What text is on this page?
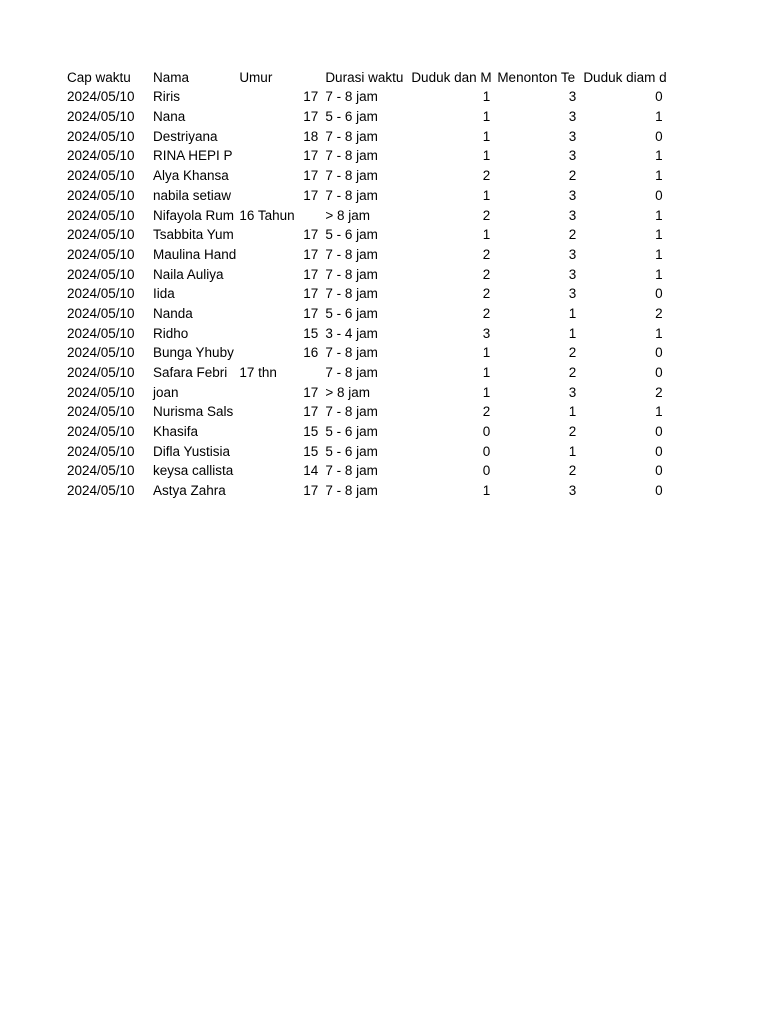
Cap waktu	Nama	Umur	Durasi waktu	Duduk dan M	Menonton Te	Duduk diam d
2024/05/10	Riris	17	7 - 8 jam	1	3	0
2024/05/10	Nana	17	5 - 6 jam	1	3	1
2024/05/10	Destriyana	18	7 - 8 jam	1	3	0
2024/05/10	RINA HEPI P	17	7 - 8 jam	1	3	1
2024/05/10	Alya Khansa	17	7 - 8 jam	2	2	1
2024/05/10	nabila setiaw	17	7 - 8 jam	1	3	0
2024/05/10	Nifayola Rum	16 Tahun	> 8 jam	2	3	1
2024/05/10	Tsabbita Yum	17	5 - 6 jam	1	2	1
2024/05/10	Maulina Hand	17	7 - 8 jam	2	3	1
2024/05/10	Naila Auliya	17	7 - 8 jam	2	3	1
2024/05/10	Iida	17	7 - 8 jam	2	3	0
2024/05/10	Nanda	17	5 - 6 jam	2	1	2
2024/05/10	Ridho	15	3 - 4 jam	3	1	1
2024/05/10	Bunga Yhuby	16	7 - 8 jam	1	2	0
2024/05/10	Safara Febri	17 thn	7 - 8 jam	1	2	0
2024/05/10	joan	17	> 8 jam	1	3	2
2024/05/10	Nurisma Sals	17	7 - 8 jam	2	1	1
2024/05/10	Khasifa	15	5 - 6 jam	0	2	0
2024/05/10	Difla Yustisia	15	5 - 6 jam	0	1	0
2024/05/10	keysa callista	14	7 - 8 jam	0	2	0
2024/05/10	Astya Zahra	17	7 - 8 jam	1	3	0
